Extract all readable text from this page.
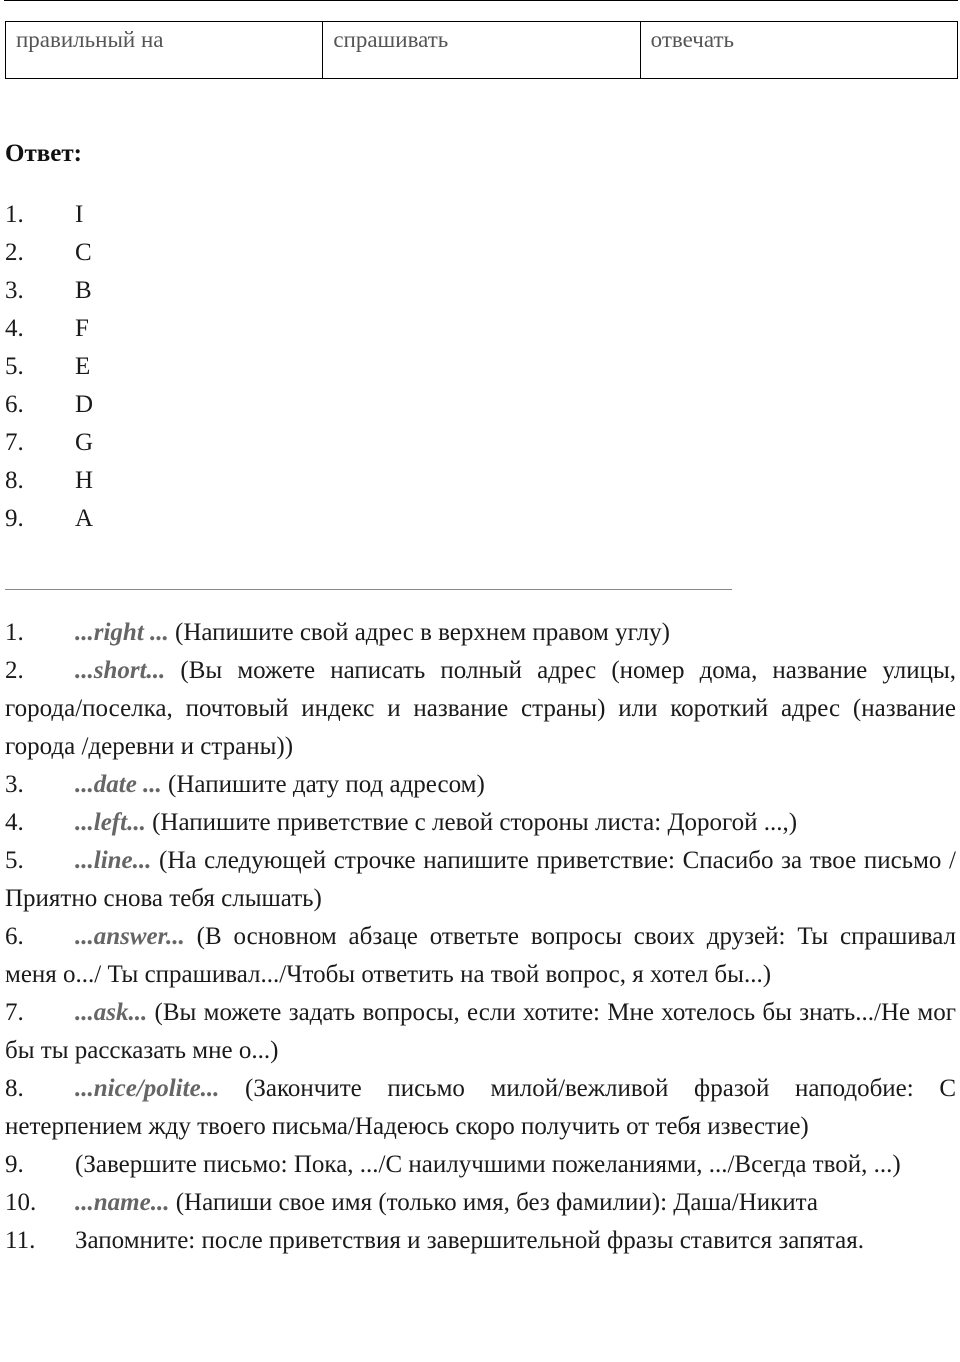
правильный на	спрашивать	отвечать

Ответ:

1. I
2. C
3. B
4. F
5. E
6. D
7. G
8. H
9. A

1. ...right ... (Напишите свой адрес в верхнем правом углу)

2. ...short... (Вы можете написать полный адрес (номер дома, название улицы, города/поселка, почтовый индекс и название страны) или короткий адрес (название города /деревни и страны))

3. ...date ... (Напишите дату под адресом)

4. ...left... (Напишите приветствие с левой стороны листа: Дорогой ...,)

5. ...line... (На следующей строчке напишите приветствие: Спасибо за твое письмо / Приятно снова тебя слышать)

6. ...answer... (В основном абзаце ответьте вопросы своих друзей: Ты спрашивал меня о.../ Ты спрашивал.../Чтобы ответить на твой вопрос, я хотел бы...)

7. ...ask... (Вы можете задать вопросы, если хотите: Мне хотелось бы знать.../Не мог бы ты рассказать мне о...)

8. ...nice/polite... (Закончите письмо милой/вежливой фразой наподобие: С нетерпением жду твоего письма/Надеюсь скоро получить от тебя известие)

9. (Завершите письмо: Пока, .../С наилучшими пожеланиями, .../Всегда твой, ...)

10. ...name... (Напиши свое имя (только имя, без фамилии): Даша/Никита

11. Запомните: после приветствия и завершительной фразы ставится запятая.
